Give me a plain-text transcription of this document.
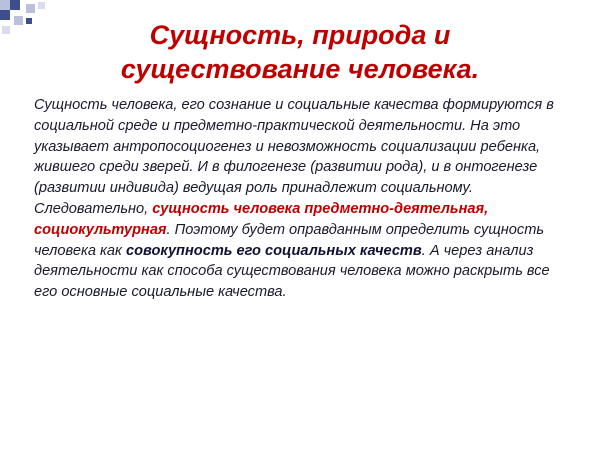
Сущность, природа и
существование человека.

Сущность человека, его сознание и социальные качества формируются в социальной среде и предметно-практической деятельности. На это указывает антропосоциогенез и невозможность социализации ребенка, жившего среди зверей. И в филогенезе (развитии рода), и в онтогенезе (развитии индивида) ведущая роль принадлежит социальному. Следовательно, сущность человека предметно-деятельная, социокультурная. Поэтому будет оправданным определить сущность человека как совокупность его социальных качеств. А через анализ деятельности как способа существования человека можно раскрыть все его основные социальные качества.
